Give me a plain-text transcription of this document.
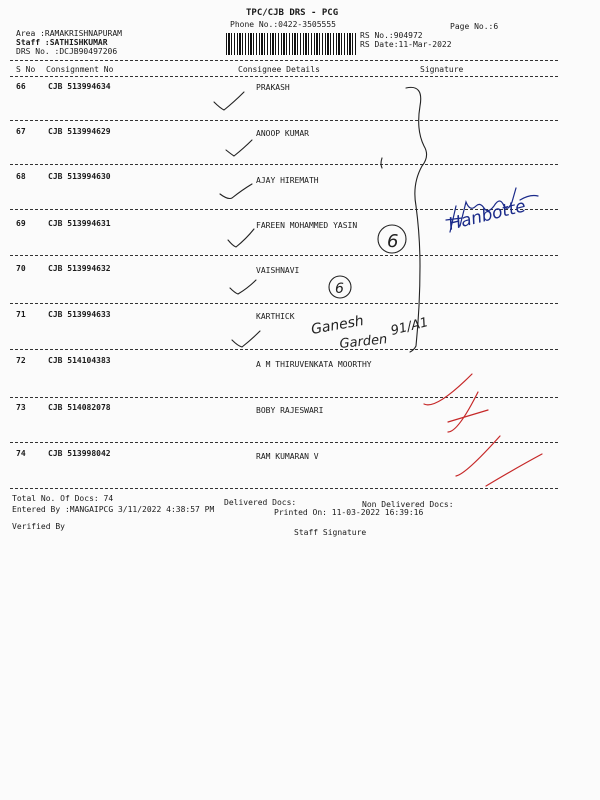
TPC/CJB DRS - PCG
Phone No.:0422-3505555	Page No.:6
Area :RAMAKRISHNAPURAM
Staff :SATHISHKUMAR
DRS No. :DCJB90497206
RS No.:904972
RS Date:11-Mar-2022
S No Consignment No	Consignee Details	Signature
66	CJB 513994634	PRAKASH
67	CJB 513994629	ANOOP KUMAR
68	CJB 513994630	AJAY HIREMATH
69	CJB 513994631	FAREEN MOHAMMED YASIN
70	CJB 513994632	VAISHNAVI
71	CJB 513994633	KARTHICK
72	CJB 514104383	A M THIRUVENKATA MOORTHY
73	CJB 514082078	BOBY RAJESWARI
74	CJB 513998042	RAM KUMARAN V
Total No. Of Docs: 74	Delivered Docs:	Non Delivered Docs:
Entered By :MANGAIPCG 3/11/2022 4:38:57 PM	Printed On: 11-03-2022 16:39:16
Verified By
Staff Signature
6
6
Ganesh
Garden
91/A1
Hanbotte
